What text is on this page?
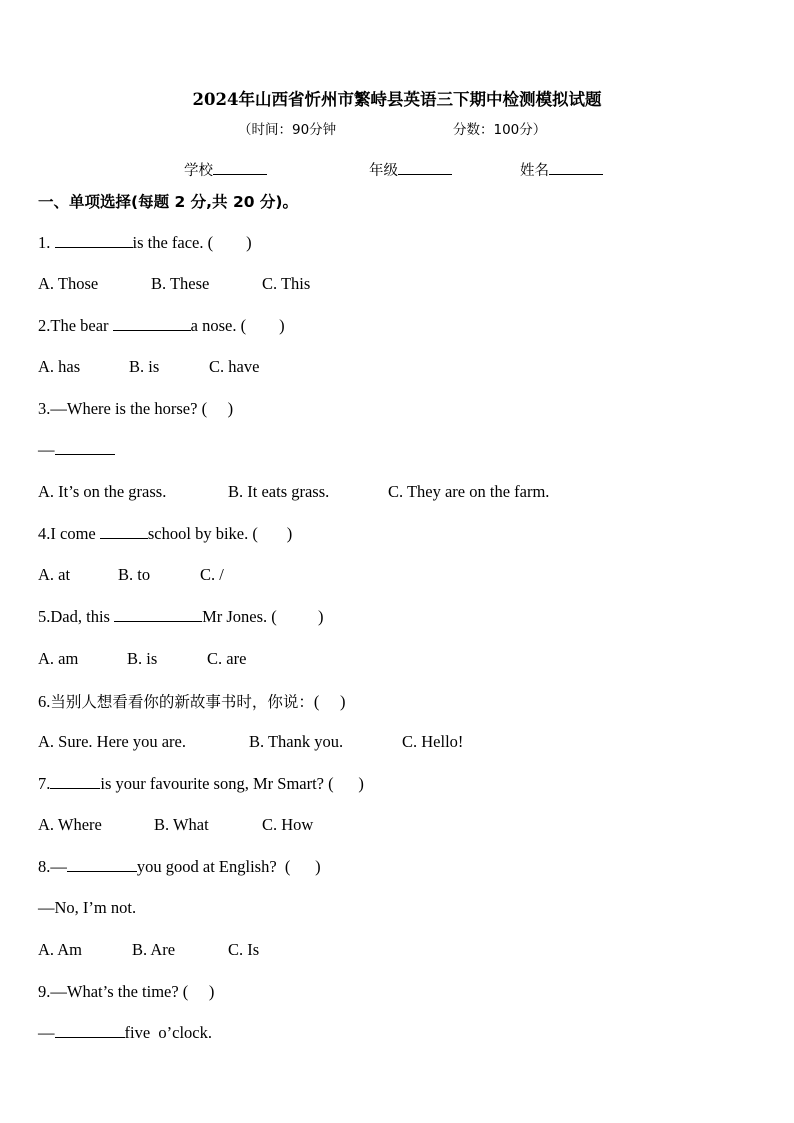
2024年山西省忻州市繁峙县英语三下期中检测模拟试题
（时间：90分钟	分数：100分）
学校	年级	姓名
一、单项选择(每题 2 分,共 20 分)。
1.	is the face. (        )
A. Those	B. These	C. This
2.The bear	a nose. (        )
A. has	B. is	C. have
3.—Where is the horse? (     )
—
A. It’s on the grass.	B. It eats grass.	C. They are on the farm.
4.I come	school by bike. (       )
A. at	B. to	C. /
5.Dad, this	Mr Jones. (          )
A. am	B. is	C. are
6.当别人想看看你的新故事书时，你说：(     )
A. Sure. Here you are.	B. Thank you.	C. Hello!
7.	is your favourite song, Mr Smart? (      )
A. Where	B. What	C. How
8.—	you good at English?  (      )
—No, I’m not.
A. Am	B. Are	C. Is
9.—What’s the time? (     )
—	five  o’clock.
